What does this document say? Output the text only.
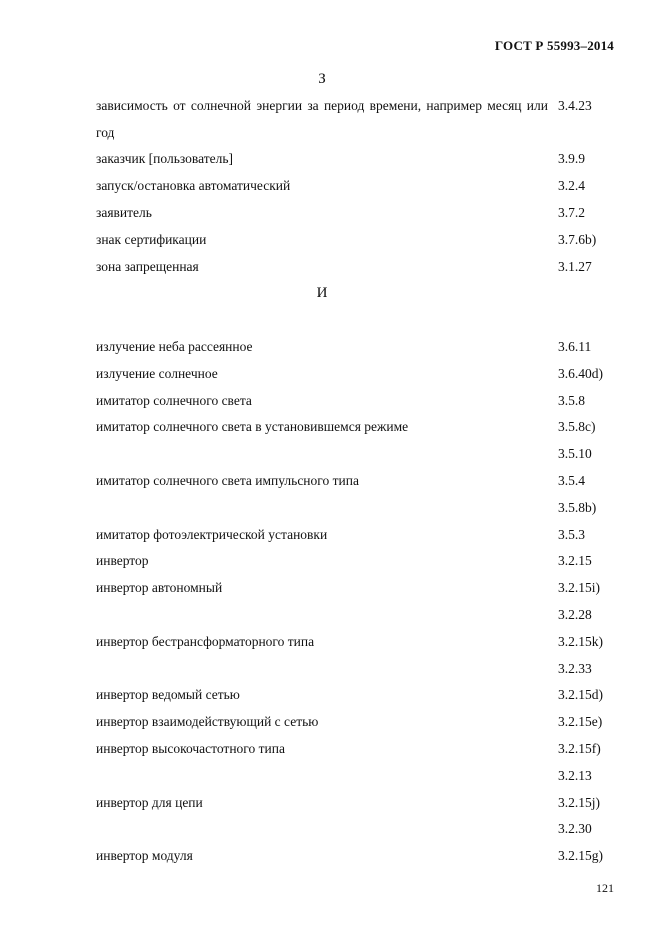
ГОСТ Р 55993–2014
З
зависимость от солнечной энергии за период времени, например месяц или год
3.4.23
заказчик [пользователь]	3.9.9
запуск/остановка автоматический	3.2.4
заявитель	3.7.2
знак сертификации	3.7.6b)
зона запрещенная	3.1.27
И
излучение неба рассеянное	3.6.11
излучение солнечное	3.6.40d)
имитатор солнечного света	3.5.8
имитатор солнечного света в установившемся режиме	3.5.8c)
3.5.10
имитатор солнечного света импульсного типа	3.5.4
3.5.8b)
имитатор фотоэлектрической установки	3.5.3
инвертор	3.2.15
инвертор автономный	3.2.15i)
3.2.28
инвертор бестрансформаторного типа	3.2.15k)
3.2.33
инвертор ведомый сетью	3.2.15d)
инвертор взаимодействующий с сетью	3.2.15e)
инвертор высокочастотного типа	3.2.15f)
3.2.13
инвертор для цепи	3.2.15j)
3.2.30
инвертор модуля	3.2.15g)
121
